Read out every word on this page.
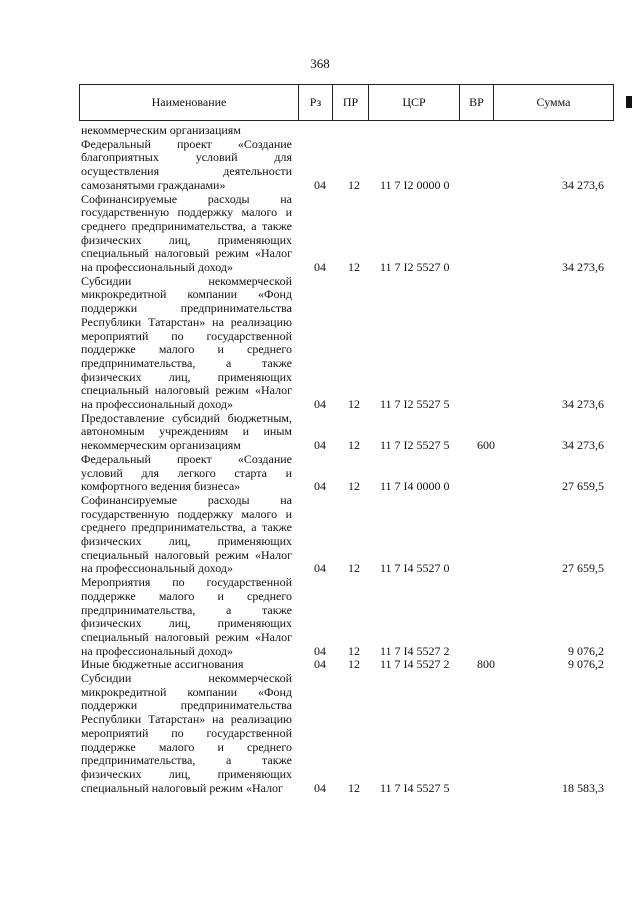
368
Наименование	Рз	ПР	ЦСР	ВР	Сумма
некоммерческим организациям
Федеральный проект «Создание
благоприятных условий для
осуществления деятельности
самозанятыми гражданами»	04 12 11 7 I2 0000 0	34 273,6
Софинансируемые расходы на
государственную поддержку малого и
среднего предпринимательства, а также
физических лиц, применяющих
специальный налоговый режим «Налог
на профессиональный доход»	04 12 11 7 I2 5527 0	34 273,6
Субсидии некоммерческой
микрокредитной компании «Фонд
поддержки предпринимательства
Республики Татарстан» на реализацию
мероприятий по государственной
поддержке малого и среднего
предпринимательства, а также
физических лиц, применяющих
специальный налоговый режим «Налог
на профессиональный доход»	04 12 11 7 I2 5527 5	34 273,6
Предоставление субсидий бюджетным,
автономным учреждениям и иным
некоммерческим организациям	04 12 11 7 I2 5527 5	600	34 273,6
Федеральный проект «Создание
условий для легкого старта и
комфортного ведения бизнеса»	04 12 11 7 I4 0000 0	27 659,5
Софинансируемые расходы на
государственную поддержку малого и
среднего предпринимательства, а также
физических лиц, применяющих
специальный налоговый режим «Налог
на профессиональный доход»	04 12 11 7 I4 5527 0	27 659,5
Мероприятия по государственной
поддержке малого и среднего
предпринимательства, а также
физических лиц, применяющих
специальный налоговый режим «Налог
на профессиональный доход»	04 12 11 7 I4 5527 2	9 076,2
Иные бюджетные ассигнования	04 12 11 7 I4 5527 2	800	9 076,2
Субсидии некоммерческой
микрокредитной компании «Фонд
поддержки предпринимательства
Республики Татарстан» на реализацию
мероприятий по государственной
поддержке малого и среднего
предпринимательства, а также
физических лиц, применяющих
специальный налоговый режим «Налог	04 12 11 7 I4 5527 5	18 583,3
